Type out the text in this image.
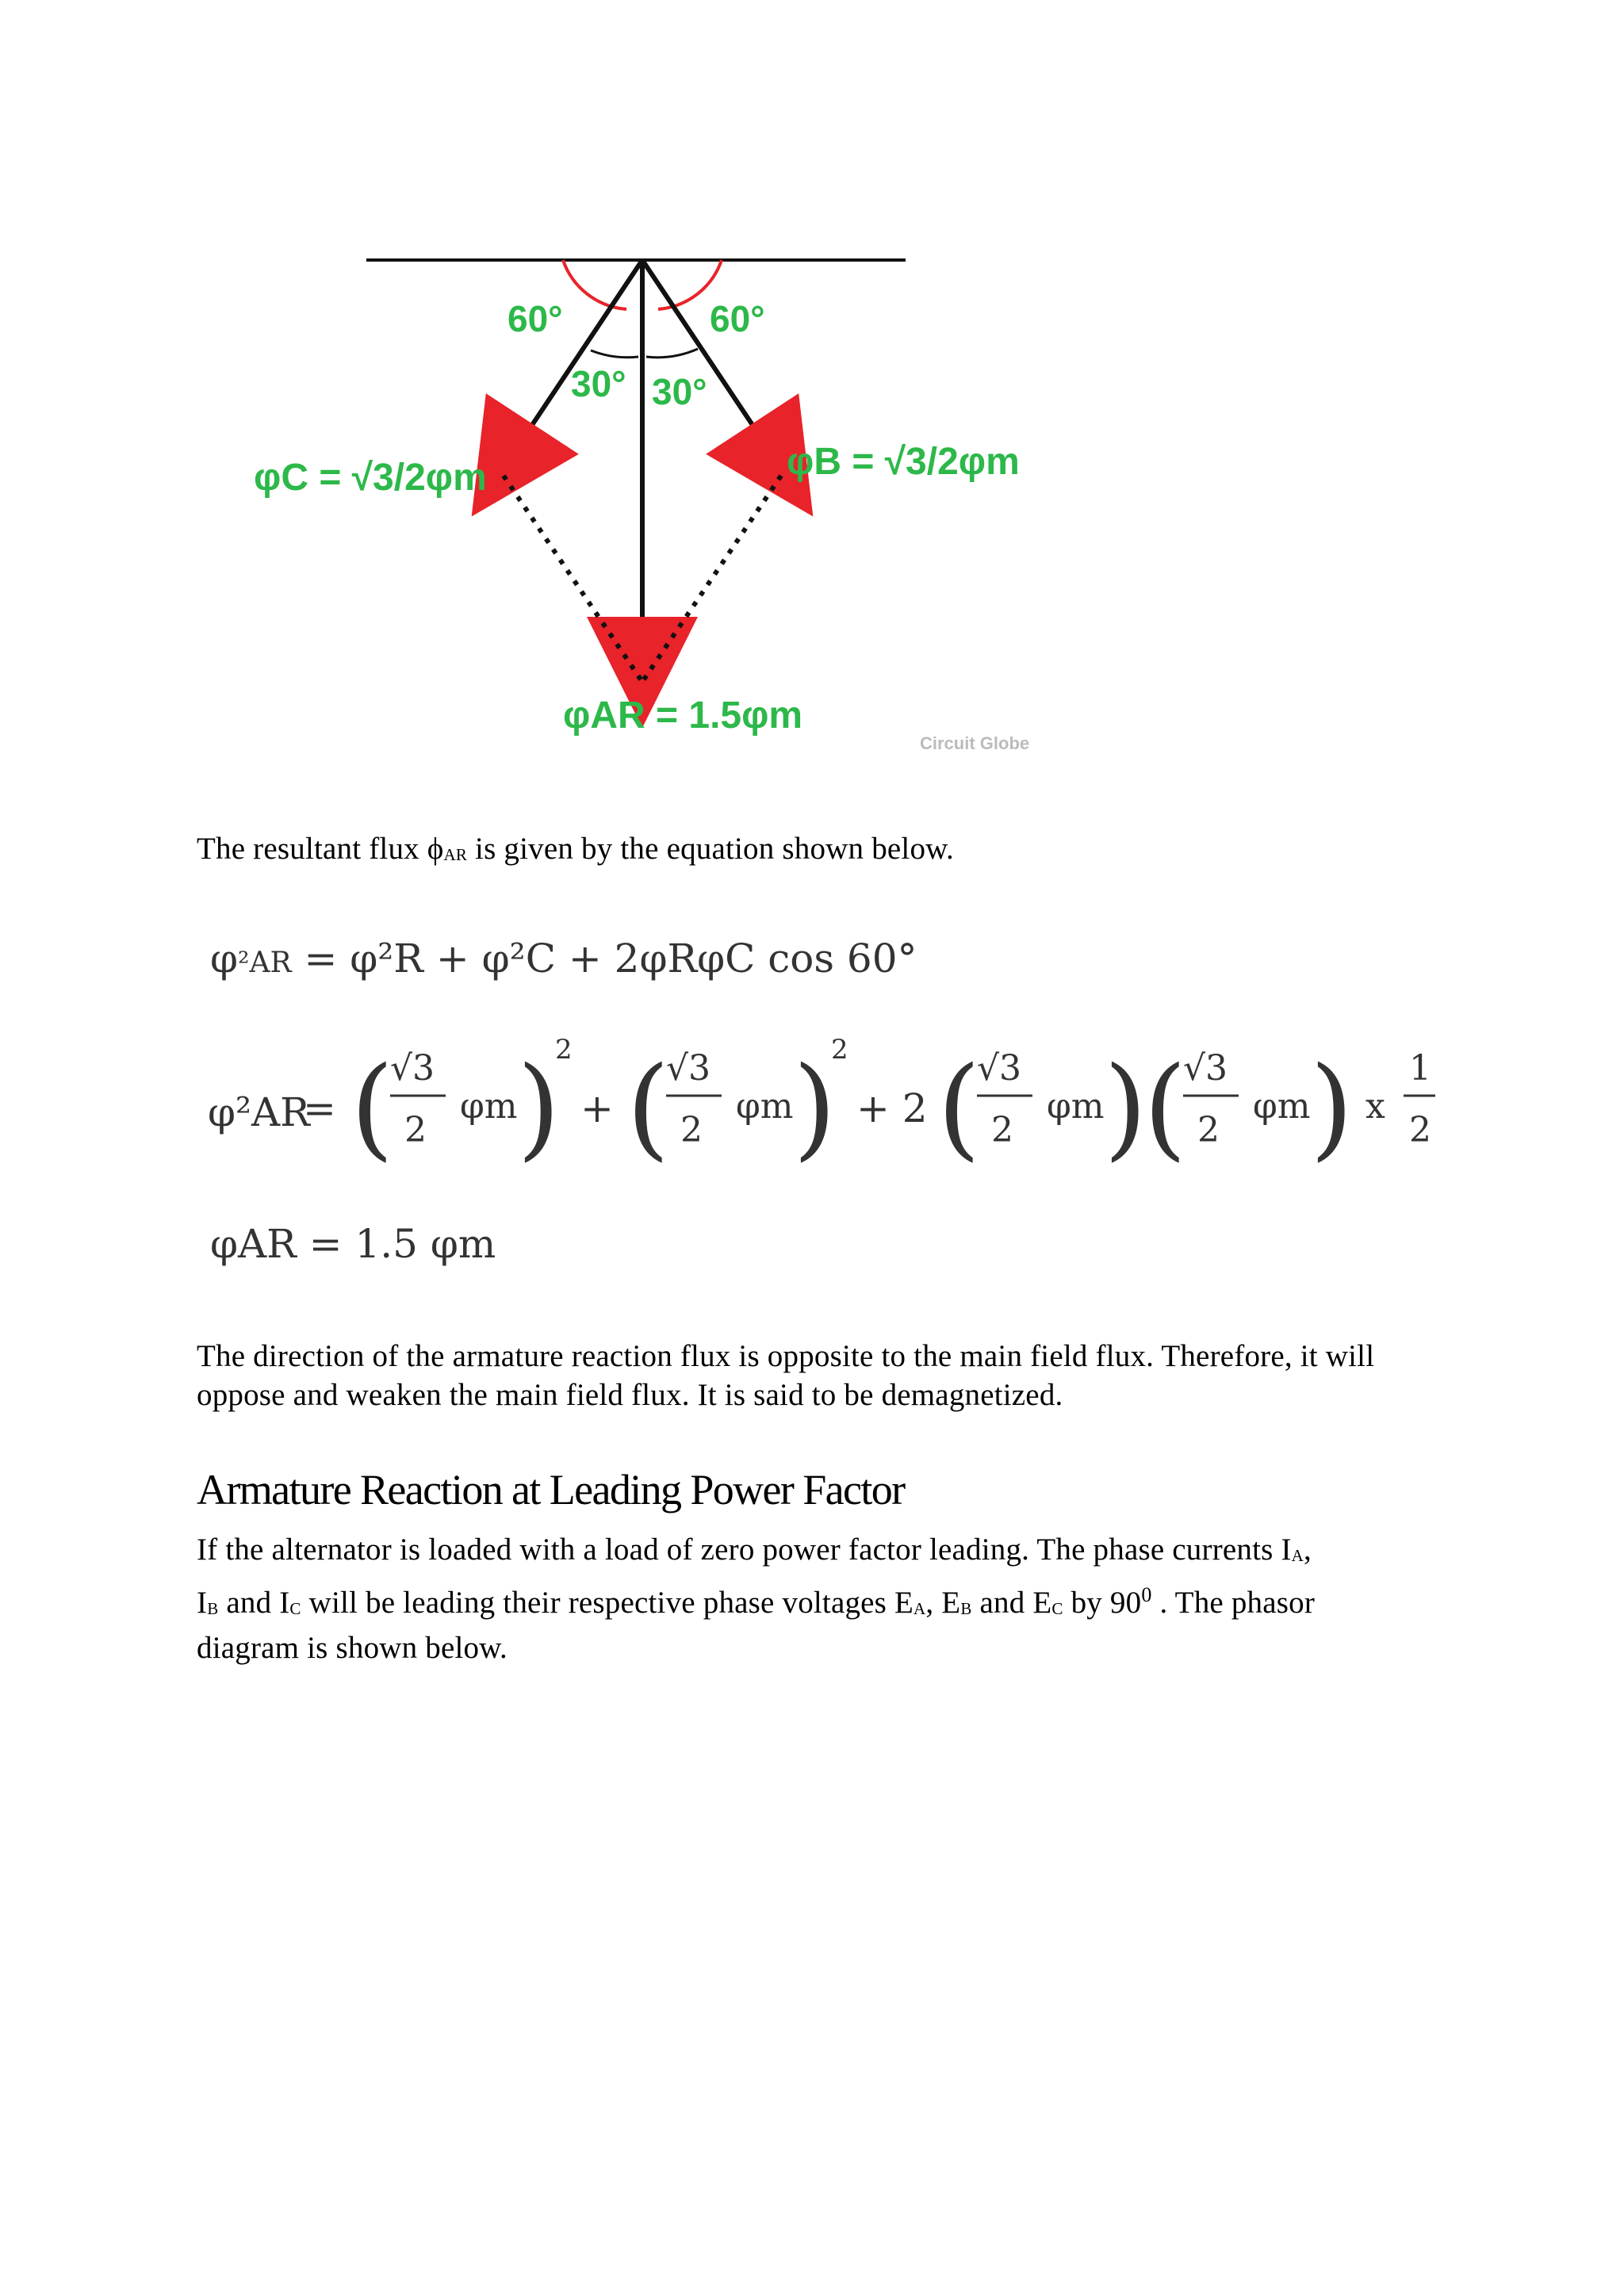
60°	60°
30° 30°
φC = √3/2φm	φB = √3/2φm
φAR = 1.5φm
Circuit Globe
The resultant flux ϕAR is given by the equation shown below.
φ²AR = φ²R + φ²C + 2φRφC cos 60°
φ²AR
= (
√3
2
φm )
2
+ (
√3
2
φm )
2
+ 2 (
√3
2
φm )
(
√3
2
φm ) x
1
2
φAR = 1.5 φm
The direction of the armature reaction flux is opposite to the main field flux. Therefore, it will oppose and weaken the main field flux. It is said to be demagnetized.
Armature Reaction at Leading Power Factor
If the alternator is loaded with a load of zero power factor leading. The phase currents IA,
IB and IC will be leading their respective phase voltages EA, EB and EC by $90^0$ . The phasor
diagram is shown below.
